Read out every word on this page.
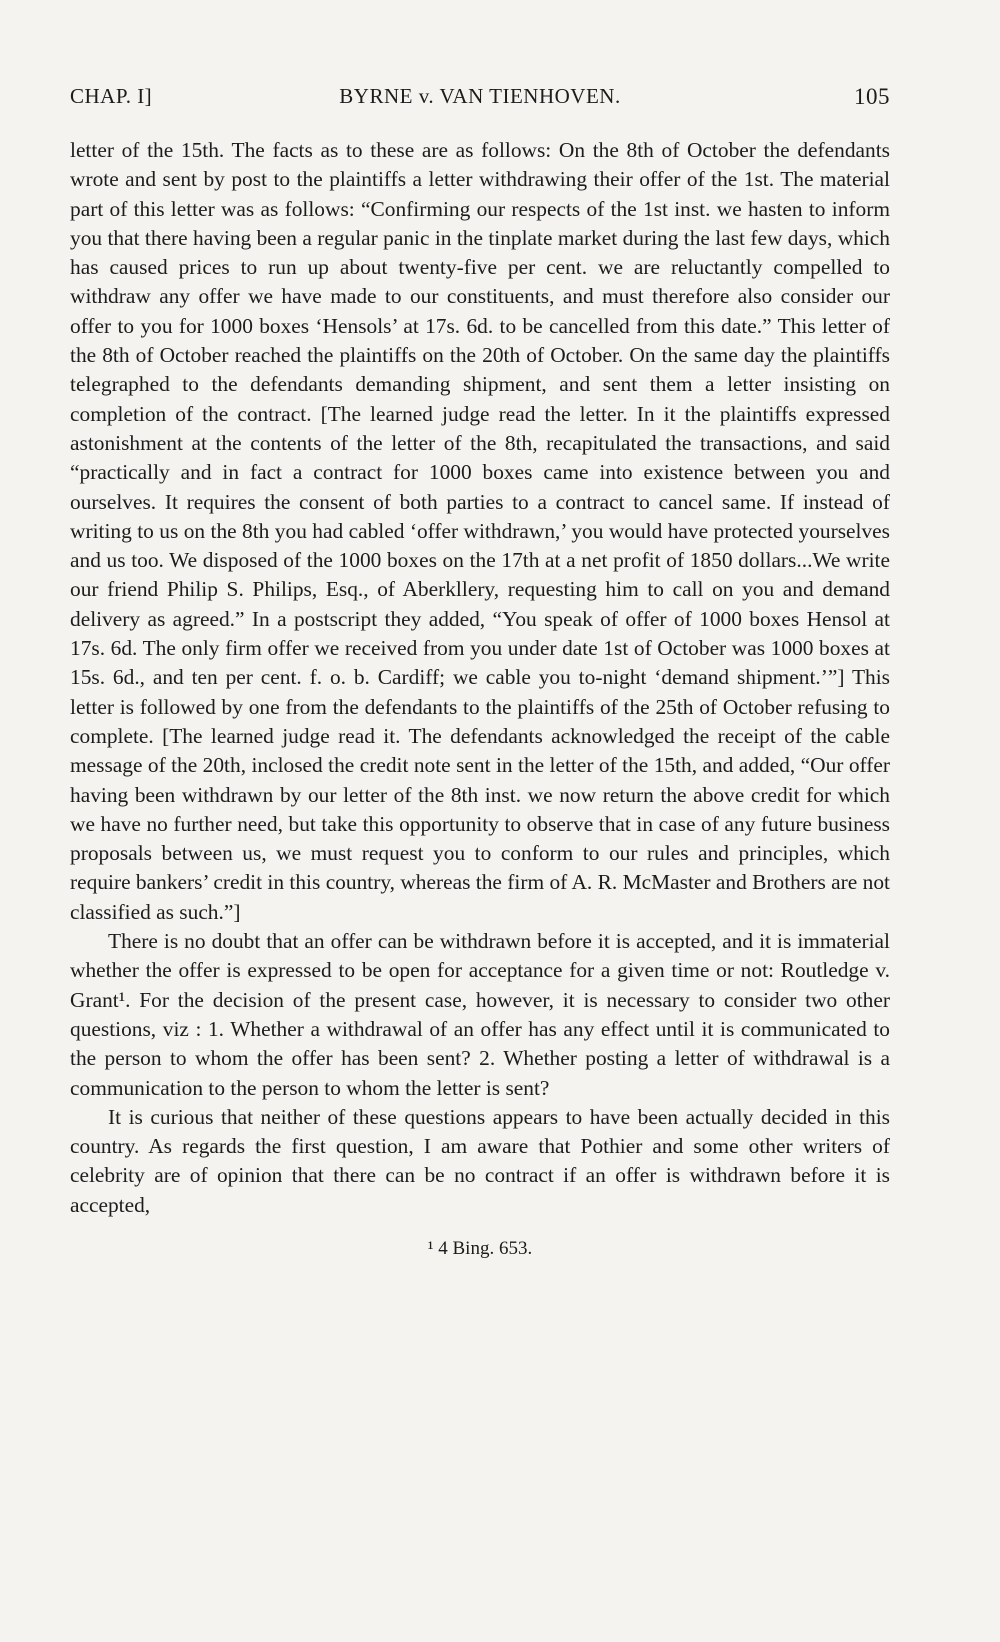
CHAP. I]	BYRNE v. VAN TIENHOVEN.	105

letter of the 15th. The facts as to these are as follows: On the 8th of October the defendants wrote and sent by post to the plaintiffs a letter withdrawing their offer of the 1st. The material part of this letter was as follows: “Confirming our respects of the 1st inst. we hasten to inform you that there having been a regular panic in the tinplate market during the last few days, which has caused prices to run up about twenty-five per cent. we are reluctantly compelled to withdraw any offer we have made to our constituents, and must therefore also consider our offer to you for 1000 boxes ‘Hensols’ at 17s. 6d. to be cancelled from this date.” This letter of the 8th of October reached the plaintiffs on the 20th of October. On the same day the plaintiffs telegraphed to the defendants demanding shipment, and sent them a letter insisting on completion of the contract. [The learned judge read the letter. In it the plaintiffs expressed astonishment at the contents of the letter of the 8th, recapitulated the transactions, and said “practically and in fact a contract for 1000 boxes came into existence between you and ourselves. It requires the consent of both parties to a contract to cancel same. If instead of writing to us on the 8th you had cabled ‘offer withdrawn,’ you would have protected yourselves and us too. We disposed of the 1000 boxes on the 17th at a net profit of 1850 dollars...We write our friend Philip S. Philips, Esq., of Aberkllery, requesting him to call on you and demand delivery as agreed.” In a postscript they added, “You speak of offer of 1000 boxes Hensol at 17s. 6d. The only firm offer we received from you under date 1st of October was 1000 boxes at 15s. 6d., and ten per cent. f. o. b. Cardiff; we cable you to-night ‘demand shipment.’”] This letter is followed by one from the defendants to the plaintiffs of the 25th of October refusing to complete. [The learned judge read it. The defendants acknowledged the receipt of the cable message of the 20th, inclosed the credit note sent in the letter of the 15th, and added, “Our offer having been withdrawn by our letter of the 8th inst. we now return the above credit for which we have no further need, but take this opportunity to observe that in case of any future business proposals between us, we must request you to conform to our rules and principles, which require bankers’ credit in this country, whereas the firm of A. R. McMaster and Brothers are not classified as such.”]

There is no doubt that an offer can be withdrawn before it is accepted, and it is immaterial whether the offer is expressed to be open for acceptance for a given time or not: Routledge v. Grant¹. For the decision of the present case, however, it is necessary to consider two other questions, viz : 1. Whether a withdrawal of an offer has any effect until it is communicated to the person to whom the offer has been sent? 2. Whether posting a letter of withdrawal is a communication to the person to whom the letter is sent?

It is curious that neither of these questions appears to have been actually decided in this country. As regards the first question, I am aware that Pothier and some other writers of celebrity are of opinion that there can be no contract if an offer is withdrawn before it is accepted,

¹ 4 Bing. 653.
